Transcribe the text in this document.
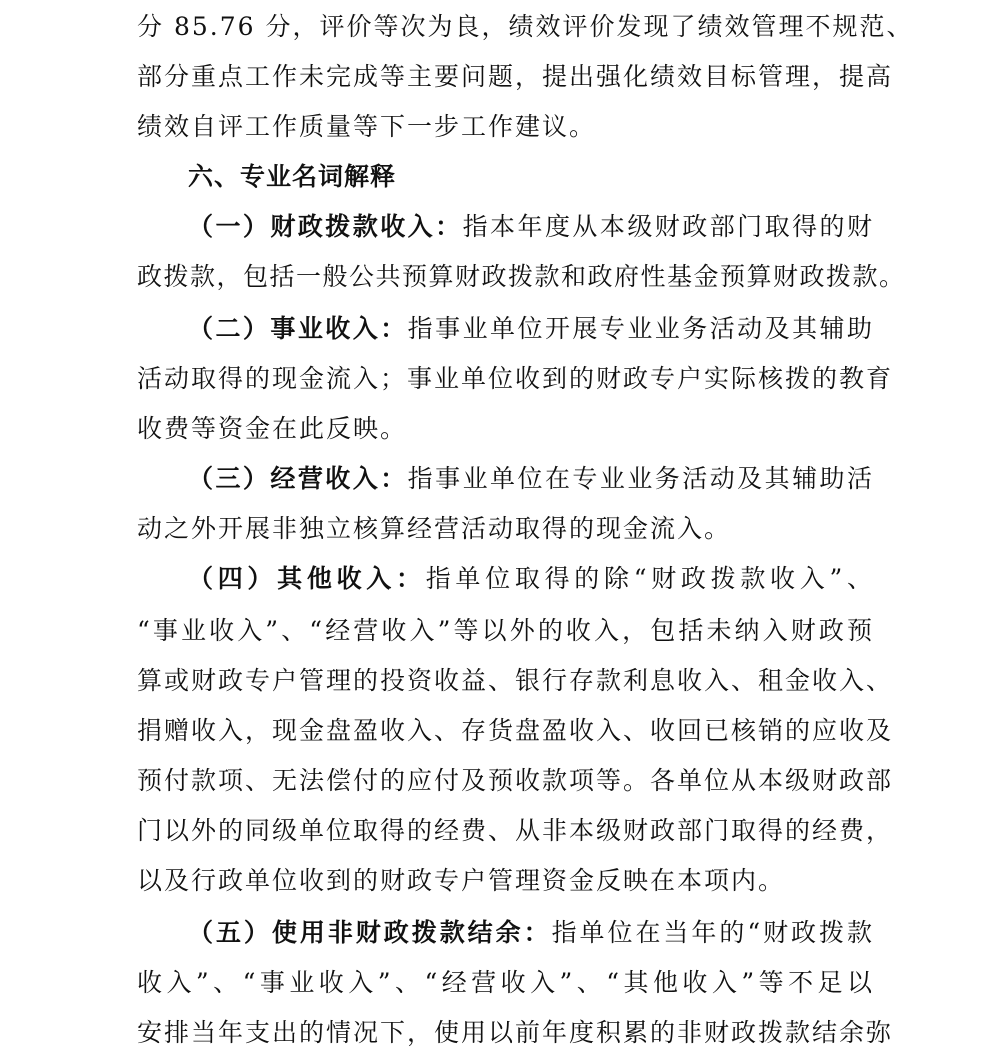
分 85.76 分，评价等次为良，绩效评价发现了绩效管理不规范、
部分重点工作未完成等主要问题，提出强化绩效目标管理，提高
绩效自评工作质量等下一步工作建议。
六、专业名词解释
（一）财政拨款收入：指本年度从本级财政部门取得的财
政拨款，包括一般公共预算财政拨款和政府性基金预算财政拨款。
（二）事业收入：指事业单位开展专业业务活动及其辅助
活动取得的现金流入；事业单位收到的财政专户实际核拨的教育
收费等资金在此反映。
（三）经营收入：指事业单位在专业业务活动及其辅助活
动之外开展非独立核算经营活动取得的现金流入。
（四）其他收入：指单位取得的除“财政拨款收入”、
“事业收入”、“经营收入”等以外的收入，包括未纳入财政预
算或财政专户管理的投资收益、银行存款利息收入、租金收入、
捐赠收入，现金盘盈收入、存货盘盈收入、收回已核销的应收及
预付款项、无法偿付的应付及预收款项等。各单位从本级财政部
门以外的同级单位取得的经费、从非本级财政部门取得的经费，
以及行政单位收到的财政专户管理资金反映在本项内。
（五）使用非财政拨款结余：指单位在当年的“财政拨款
收入”、“事业收入”、“经营收入”、“其他收入”等不足以
安排当年支出的情况下，使用以前年度积累的非财政拨款结余弥
